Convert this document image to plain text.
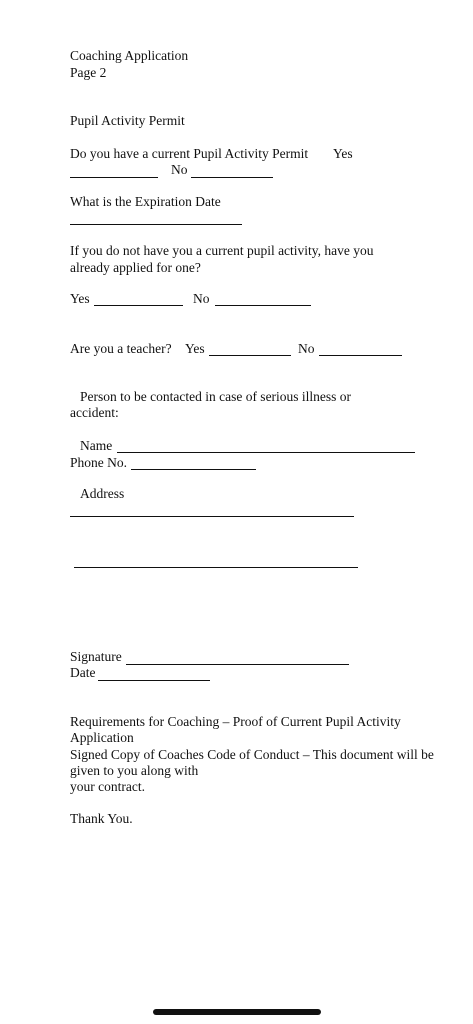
Coaching Application
Page 2
Pupil Activity Permit
Do you have a current Pupil Activity Permit Yes
No
What is the Expiration Date
If you do not have you a current pupil activity, have you
already applied for one?
Yes	No
Are you a teacher? Yes	No
Person to be contacted in case of serious illness or
accident:
Name
Phone No.
Address
Signature
Date
Requirements for Coaching – Proof of Current Pupil Activity
Application
Signed Copy of Coaches Code of Conduct – This document will be
given to you along with
your contract.
Thank You.
